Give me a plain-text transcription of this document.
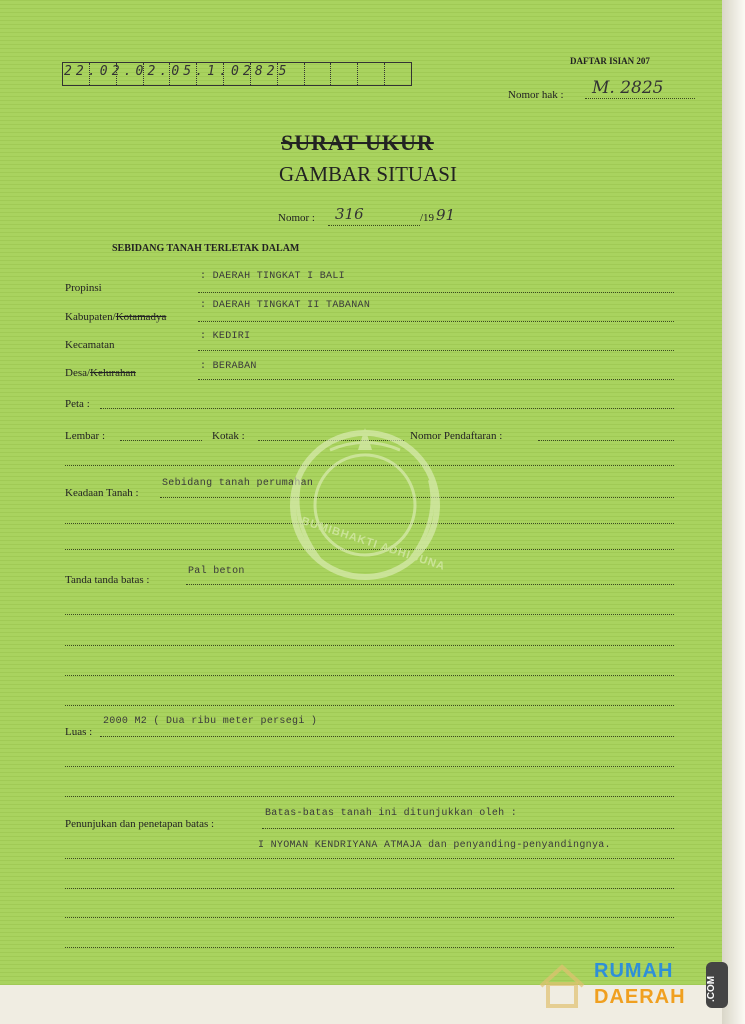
DAFTAR ISIAN 207
22.02.02.05.1.02825
Nomor hak : M. 2825
SURAT UKUR
GAMBAR SITUASI
Nomor : 316	/19 91
SEBIDANG TANAH TERLETAK DALAM
Propinsi
: DAERAH TINGKAT I BALI
Kabupaten/Kotamadya
: DAERAH TINGKAT II TABANAN
Kecamatan
: KEDIRI
Desa/Kelurahan
: BERABAN
Peta :
Lembar :	Kotak :	Nomor Pendaftaran :
Keadaan Tanah :
Sebidang tanah perumahan
Tanda tanda batas :
Pal beton
Luas :
2000 M2 ( Dua ribu meter persegi )
Penunjukan dan penetapan batas :
Batas-batas tanah ini ditunjukkan oleh :
I NYOMAN KENDRIYANA ATMAJA dan penyanding-penyandingnya.
BUMIBHAKTI ADHIGUNA
RUMAH
DAERAH .COM
